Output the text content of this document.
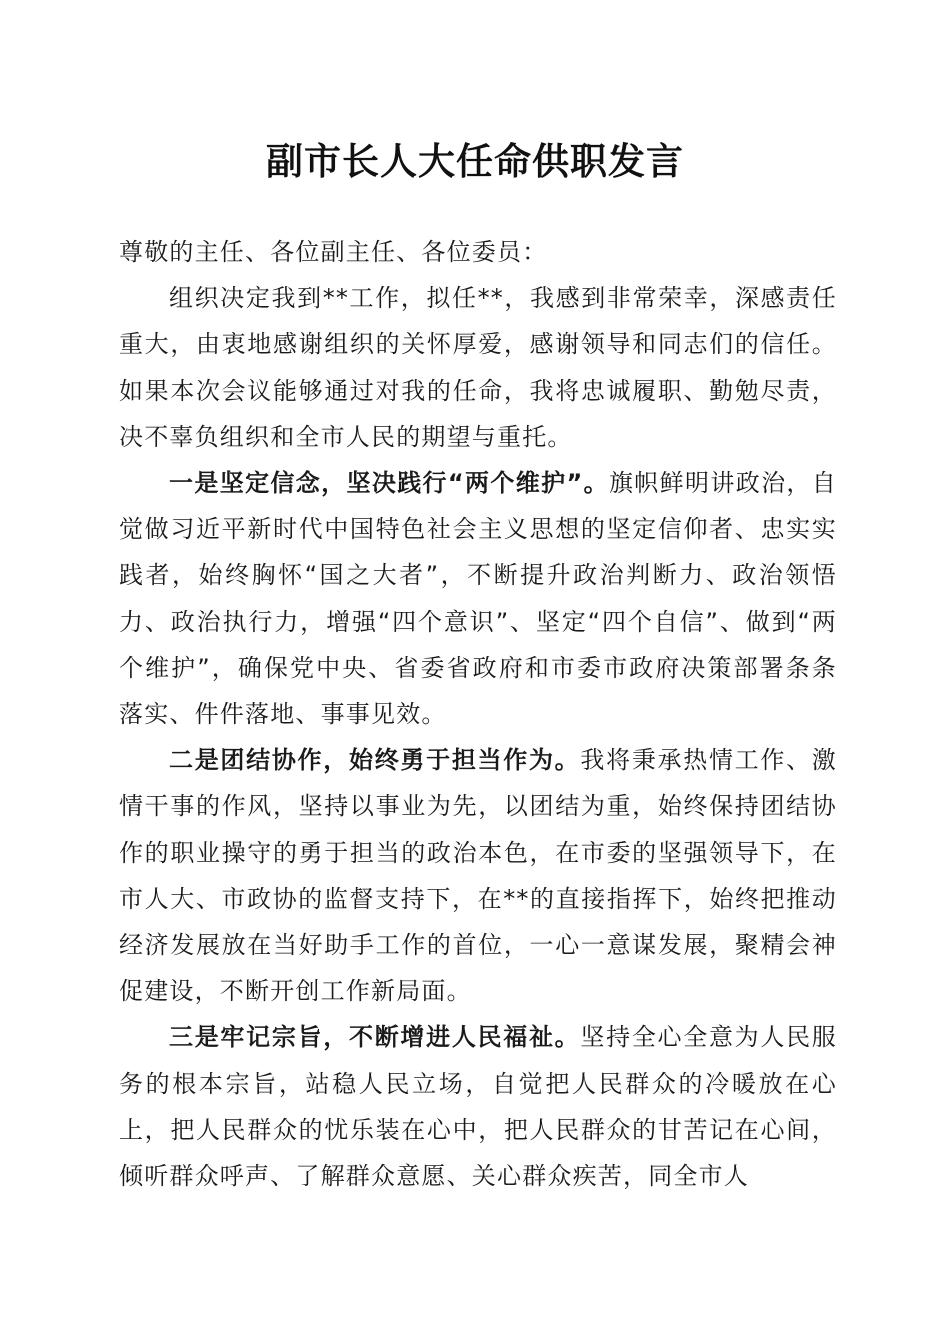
副市长人大任命供职发言

尊敬的主任、各位副主任、各位委员：

组织决定我到**工作，拟任**，我感到非常荣幸，深感责任重大，由衷地感谢组织的关怀厚爱，感谢领导和同志们的信任。如果本次会议能够通过对我的任命，我将忠诚履职、勤勉尽责，决不辜负组织和全市人民的期望与重托。

一是坚定信念，坚决践行“两个维护”。旗帜鲜明讲政治，自觉做习近平新时代中国特色社会主义思想的坚定信仰者、忠实实践者，始终胸怀“国之大者”，不断提升政治判断力、政治领悟力、政治执行力，增强“四个意识”、坚定“四个自信”、做到“两个维护”，确保党中央、省委省政府和市委市政府决策部署条条落实、件件落地、事事见效。

二是团结协作，始终勇于担当作为。我将秉承热情工作、激情干事的作风，坚持以事业为先，以团结为重，始终保持团结协作的职业操守的勇于担当的政治本色，在市委的坚强领导下，在市人大、市政协的监督支持下，在**的直接指挥下，始终把推动经济发展放在当好助手工作的首位，一心一意谋发展，聚精会神促建设，不断开创工作新局面。

三是牢记宗旨，不断增进人民福祉。坚持全心全意为人民服务的根本宗旨，站稳人民立场，自觉把人民群众的冷暖放在心上，把人民群众的忧乐装在心中，把人民群众的甘苦记在心间，倾听群众呼声、了解群众意愿、关心群众疾苦，同全市人
